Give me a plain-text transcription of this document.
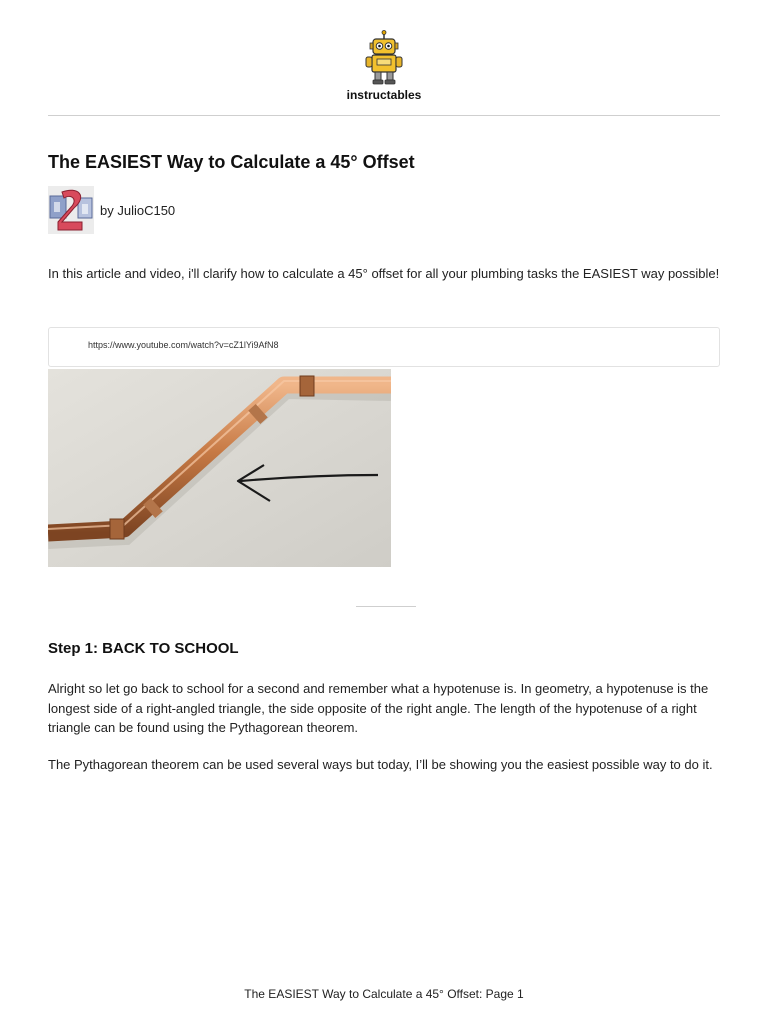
instructables
The EASIEST Way to Calculate a 45° Offset
by JulioC150

In this article and video, i'll clarify how to calculate a 45° offset for all your plumbing tasks the EASIEST way possible!

https://www.youtube.com/watch?v=cZ1lYi9AfN8
Step 1: BACK TO SCHOOL

Alright so let go back to school for a second and remember what a hypotenuse is. In geometry, a hypotenuse is the longest side of a right-angled triangle, the side opposite of the right angle. The length of the hypotenuse of a right triangle can be found using the Pythagorean theorem.

The Pythagorean theorem can be used several ways but today, I’ll be showing you the easiest possible way to do it.

The EASIEST Way to Calculate a 45° Offset: Page 1
